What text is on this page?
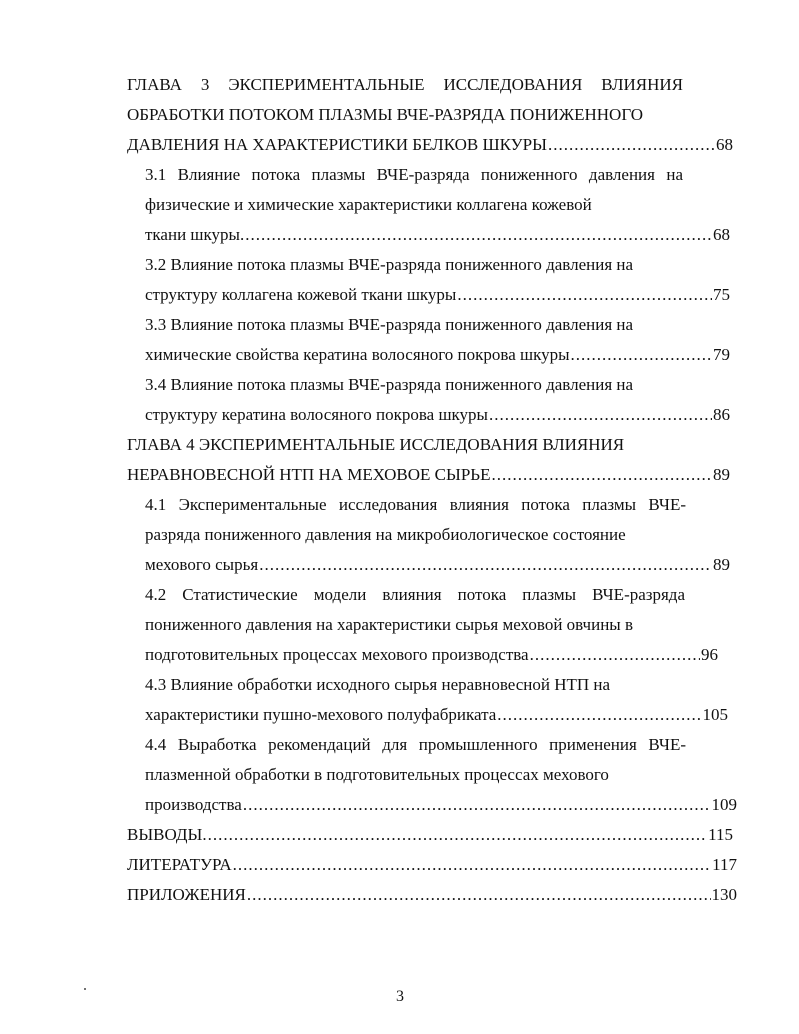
ГЛАВА 3 ЭКСПЕРИМЕНТАЛЬНЫЕ ИССЛЕДОВАНИЯ ВЛИЯНИЯ
ОБРАБОТКИ ПОТОКОМ ПЛАЗМЫ ВЧЕ-РАЗРЯДА ПОНИЖЕННОГО
ДАВЛЕНИЯ НА ХАРАКТЕРИСТИКИ БЕЛКОВ ШКУРЫ .....	68
3.1 Влияние потока плазмы ВЧЕ-разряда пониженного давления на
физические и химические характеристики коллагена кожевой
ткани шкуры. .....	68
3.2 Влияние потока плазмы ВЧЕ-разряда пониженного давления на
структуру коллагена кожевой ткани шкуры .....	75
3.3 Влияние потока плазмы ВЧЕ-разряда пониженного давления на
химические свойства кератина волосяного покрова шкуры .....	79
3.4 Влияние потока плазмы ВЧЕ-разряда пониженного давления на
структуру кератина волосяного покрова шкуры .....	86
ГЛАВА 4 ЭКСПЕРИМЕНТАЛЬНЫЕ ИССЛЕДОВАНИЯ ВЛИЯНИЯ
НЕРАВНОВЕСНОЙ НТП НА МЕХОВОЕ СЫРЬЕ .....	89
4.1 Экспериментальные исследования влияния потока плазмы ВЧЕ-
разряда пониженного давления на микробиологическое состояние
мехового сырья .....	89
4.2 Статистические модели влияния потока плазмы ВЧЕ-разряда
пониженного давления на характеристики сырья меховой овчины в
подготовительных процессах мехового производства .....	96
4.3 Влияние обработки исходного сырья неравновесной НТП на
характеристики пушно-мехового полуфабриката .....	105
4.4 Выработка рекомендаций для промышленного применения ВЧЕ-
плазменной обработки в подготовительных процессах мехового
производства .....	109
ВЫВОДЫ. .....	115
ЛИТЕРАТУРА .....	117
ПРИЛОЖЕНИЯ .....	130
3
